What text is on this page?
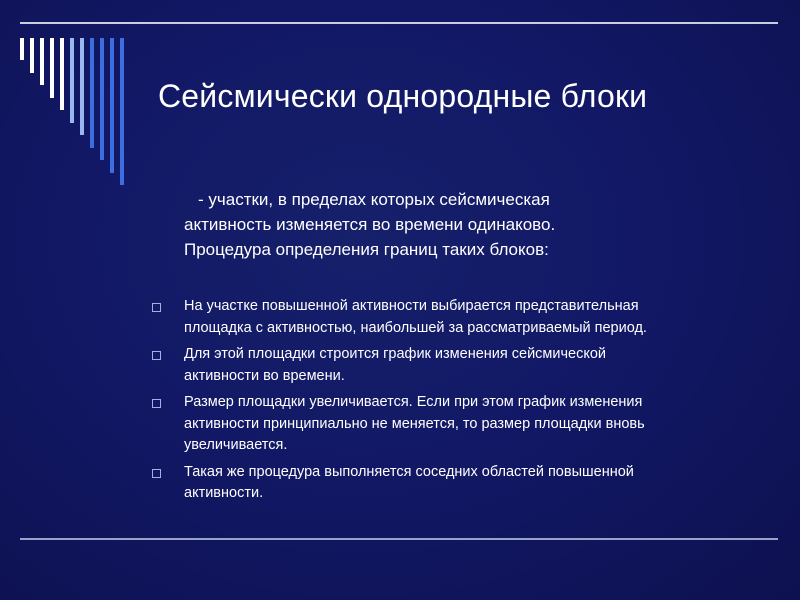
Сейсмически однородные блоки

- участки, в пределах которых сейсмическая

активность изменяется во времени одинаково.

Процедура определения границ таких блоков:

На участке повышенной активности выбирается представительная
площадка с активностью, наибольшей за рассматриваемый период.
Для этой площадки строится график изменения сейсмической
активности во времени.
Размер площадки увеличивается. Если при этом график изменения
активности принципиально не меняется, то размер площадки вновь
увеличивается.
Такая же процедура выполняется соседних областей повышенной
активности.
